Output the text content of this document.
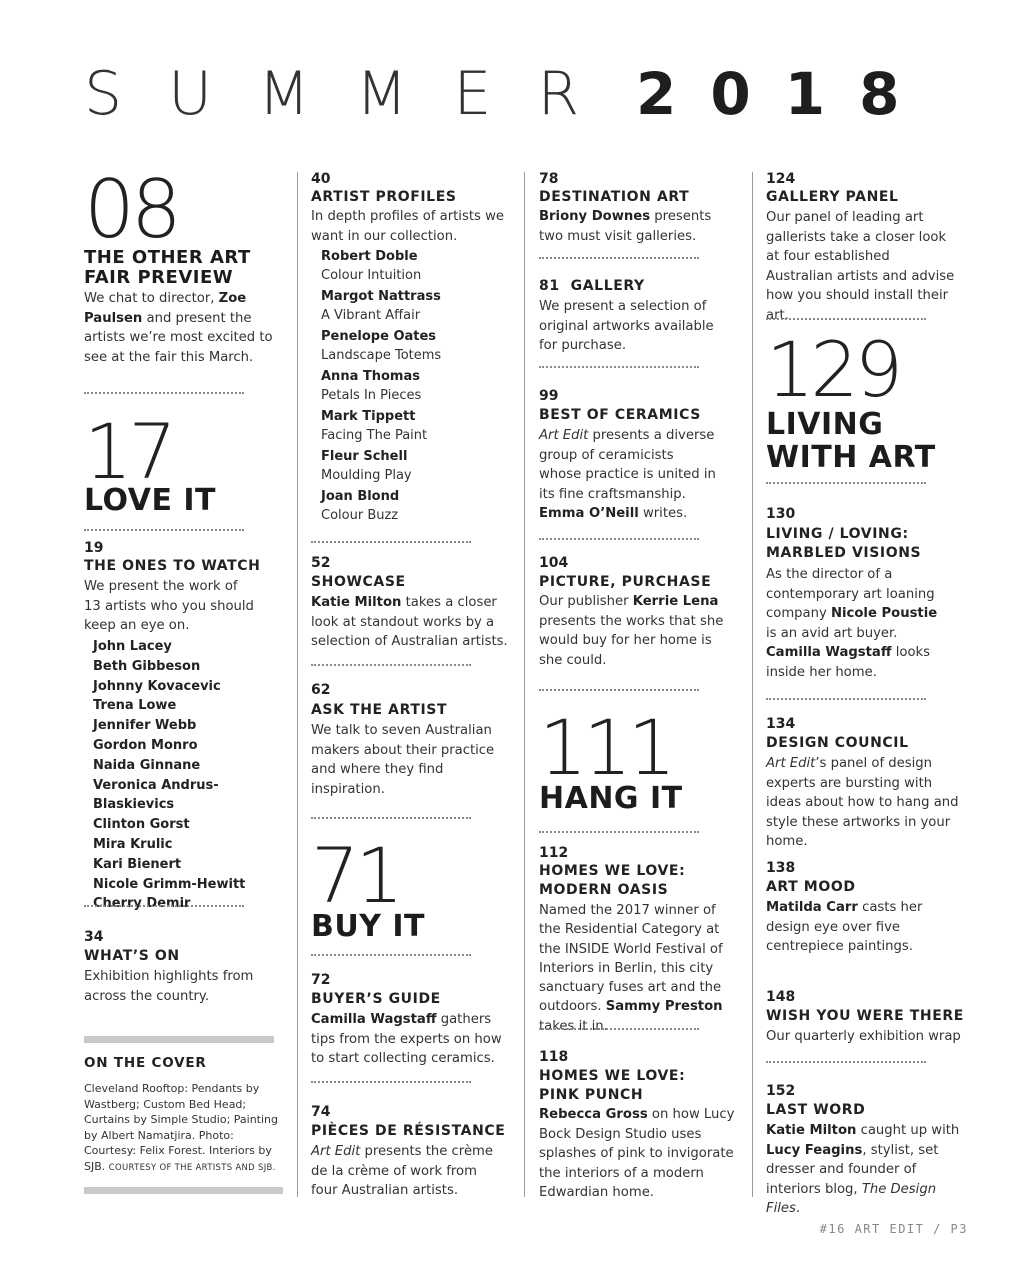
SUMMER 2018
08
THE OTHER ART
FAIR PREVIEW
We chat to director, Zoe Paulsen and present the artists we’re most excited to see at the fair this March.
17
LOVE IT
19
THE ONES TO WATCH
We present the work of 13 artists who you should keep an eye on.
John Lacey
Beth Gibbeson
Johnny Kovacevic
Trena Lowe
Jennifer Webb
Gordon Monro
Naida Ginnane
Veronica Andrus-Blaskievics
Clinton Gorst
Mira Krulic
Kari Bienert
Nicole Grimm-Hewitt
Cherry Demir
34
WHAT’S ON
Exhibition highlights from across the country.
ON THE COVER
Cleveland Rooftop: Pendants by Wastberg; Custom Bed Head; Curtains by Simple Studio; Painting by Albert Namatjira. Photo: Courtesy: Felix Forest. Interiors by SJB. COURTESY OF THE ARTISTS AND SJB.
40
ARTIST PROFILES
In depth profiles of artists we want in our collection.
Robert Doble
Colour Intuition
Margot Nattrass
A Vibrant Affair
Penelope Oates
Landscape Totems
Anna Thomas
Petals In Pieces
Mark Tippett
Facing The Paint
Fleur Schell
Moulding Play
Joan Blond
Colour Buzz
52
SHOWCASE
Katie Milton takes a closer look at standout works by a selection of Australian artists.
62
ASK THE ARTIST
We talk to seven Australian makers about their practice and where they find inspiration.
71
BUY IT
72
BUYER’S GUIDE
Camilla Wagstaff gathers tips from the experts on how to start collecting ceramics.
74
PIÈCES DE RÉSISTANCE
Art Edit presents the crème de la crème of work from four Australian artists.
78
DESTINATION ART
Briony Downes presents two must visit galleries.
81 GALLERY
We present a selection of original artworks available for purchase.
99
BEST OF CERAMICS
Art Edit presents a diverse group of ceramicists whose practice is united in its fine craftsmanship. Emma O’Neill writes.
104
PICTURE, PURCHASE
Our publisher Kerrie Lena presents the works that she would buy for her home is she could.
111
HANG IT
112
HOMES WE LOVE:
MODERN OASIS
Named the 2017 winner of the Residential Category at the INSIDE World Festival of Interiors in Berlin, this city sanctuary fuses art and the outdoors. Sammy Preston takes it in.
118
HOMES WE LOVE:
PINK PUNCH
Rebecca Gross on how Lucy Bock Design Studio uses splashes of pink to invigorate the interiors of a modern Edwardian home.
124
GALLERY PANEL
Our panel of leading art gallerists take a closer look at four established Australian artists and advise how you should install their art.
129
LIVING
WITH ART
130
LIVING / LOVING:
MARBLED VISIONS
As the director of a contemporary art loaning company Nicole Poustie is an avid art buyer. Camilla Wagstaff looks inside her home.
134
DESIGN COUNCIL
Art Edit’s panel of design experts are bursting with ideas about how to hang and style these artworks in your home.
138
ART MOOD
Matilda Carr casts her design eye over five centrepiece paintings.
148
WISH YOU WERE THERE
Our quarterly exhibition wrap
152
LAST WORD
Katie Milton caught up with Lucy Feagins, stylist, set dresser and founder of interiors blog, The Design Files.
#16 ART EDIT / P3
